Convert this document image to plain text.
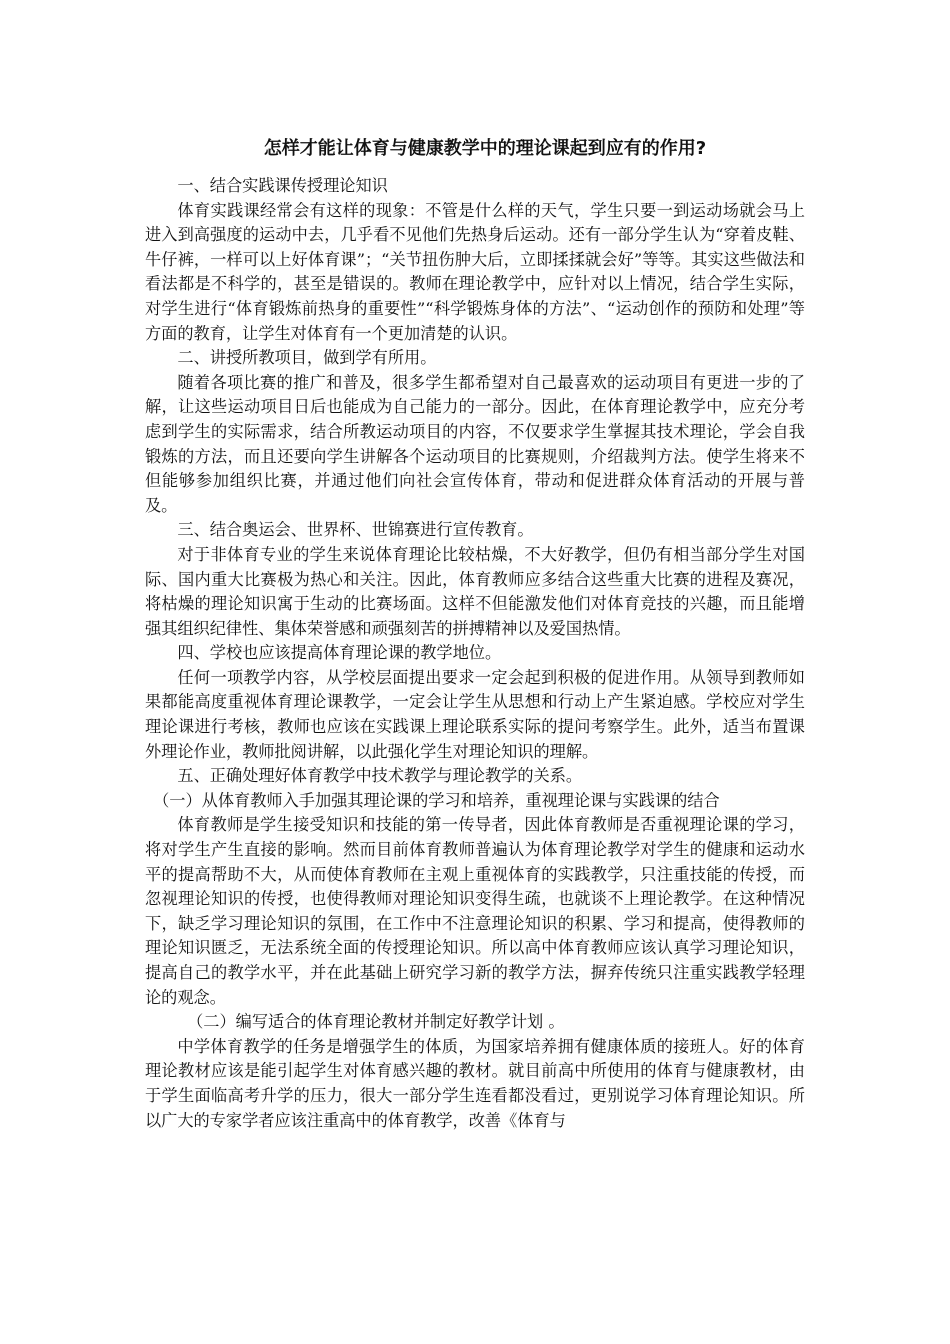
怎样才能让体育与健康教学中的理论课起到应有的作用?

一、结合实践课传授理论知识

体育实践课经常会有这样的现象：不管是什么样的天气，学生只要一到运动场就会马上进入到高强度的运动中去，几乎看不见他们先热身后运动。还有一部分学生认为“穿着皮鞋、牛仔裤，一样可以上好体育课”；“关节扭伤肿大后，立即揉揉就会好”等等。其实这些做法和看法都是不科学的，甚至是错误的。教师在理论教学中，应针对以上情况，结合学生实际，对学生进行“体育锻炼前热身的重要性”“科学锻炼身体的方法”、“运动创作的预防和处理”等方面的教育，让学生对体育有一个更加清楚的认识。

二、讲授所教项目，做到学有所用。

随着各项比赛的推广和普及，很多学生都希望对自己最喜欢的运动项目有更进一步的了解，让这些运动项目日后也能成为自己能力的一部分。因此，在体育理论教学中，应充分考虑到学生的实际需求，结合所教运动项目的内容，不仅要求学生掌握其技术理论，学会自我锻炼的方法，而且还要向学生讲解各个运动项目的比赛规则，介绍裁判方法。使学生将来不但能够参加组织比赛，并通过他们向社会宣传体育，带动和促进群众体育活动的开展与普及。

三、结合奥运会、世界杯、世锦赛进行宣传教育。

对于非体育专业的学生来说体育理论比较枯燥，不大好教学，但仍有相当部分学生对国际、国内重大比赛极为热心和关注。因此，体育教师应多结合这些重大比赛的进程及赛况，将枯燥的理论知识寓于生动的比赛场面。这样不但能激发他们对体育竞技的兴趣，而且能增强其组织纪律性、集体荣誉感和顽强刻苦的拼搏精神以及爱国热情。

四、学校也应该提高体育理论课的教学地位。

任何一项教学内容，从学校层面提出要求一定会起到积极的促进作用。从领导到教师如果都能高度重视体育理论课教学，一定会让学生从思想和行动上产生紧迫感。学校应对学生理论课进行考核，教师也应该在实践课上理论联系实际的提问考察学生。此外，适当布置课外理论作业，教师批阅讲解，以此强化学生对理论知识的理解。

五、正确处理好体育教学中技术教学与理论教学的关系。

（一）从体育教师入手加强其理论课的学习和培养，重视理论课与实践课的结合

体育教师是学生接受知识和技能的第一传导者，因此体育教师是否重视理论课的学习，将对学生产生直接的影响。然而目前体育教师普遍认为体育理论教学对学生的健康和运动水平的提高帮助不大，从而使体育教师在主观上重视体育的实践教学，只注重技能的传授，而忽视理论知识的传授，也使得教师对理论知识变得生疏，也就谈不上理论教学。在这种情况下，缺乏学习理论知识的氛围，在工作中不注意理论知识的积累、学习和提高，使得教师的理论知识匮乏，无法系统全面的传授理论知识。所以高中体育教师应该认真学习理论知识，提高自己的教学水平，并在此基础上研究学习新的教学方法，摒弃传统只注重实践教学轻理论的观念。

（二）编写适合的体育理论教材并制定好教学计划 。

中学体育教学的任务是增强学生的体质，为国家培养拥有健康体质的接班人。好的体育理论教材应该是能引起学生对体育感兴趣的教材。就目前高中所使用的体育与健康教材，由于学生面临高考升学的压力，很大一部分学生连看都没看过，更别说学习体育理论知识。所以广大的专家学者应该注重高中的体育教学，改善《体育与
